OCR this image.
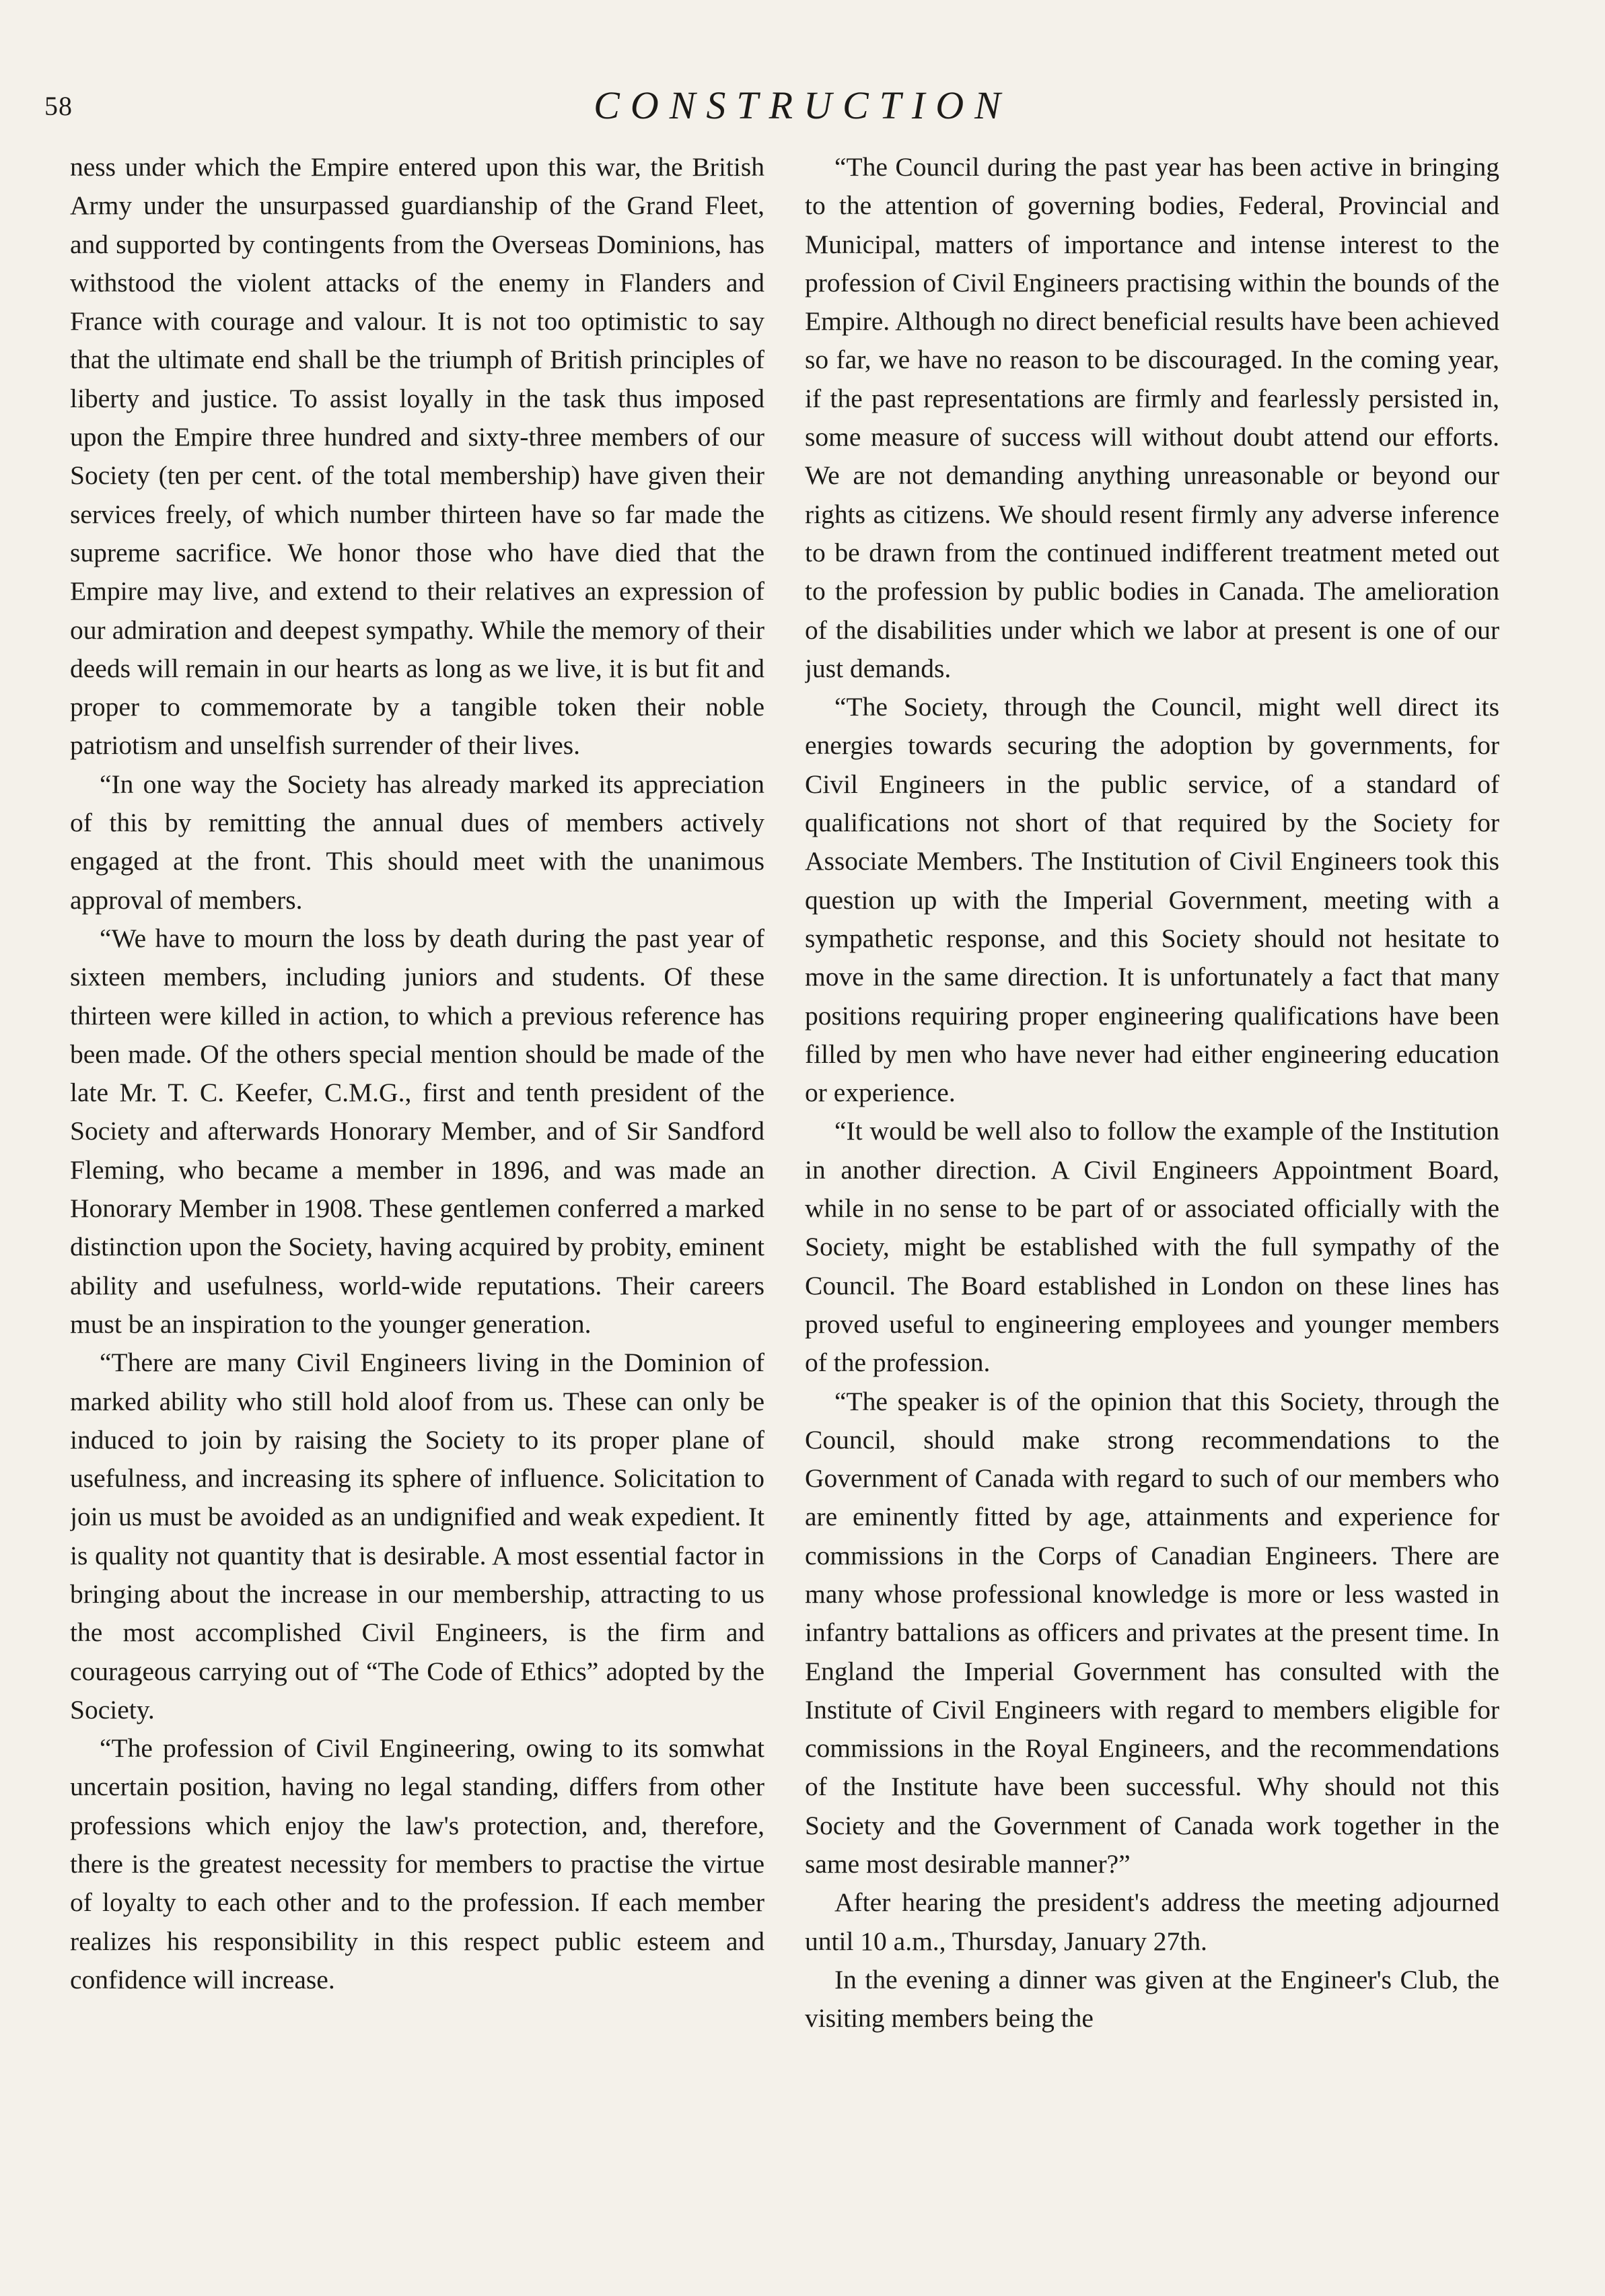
58	CONSTRUCTION

ness under which the Empire entered upon this war, the British Army under the unsurpassed guardianship of the Grand Fleet, and supported by contingents from the Overseas Dominions, has withstood the violent attacks of the enemy in Flanders and France with courage and valour. It is not too optimistic to say that the ultimate end shall be the triumph of British principles of liberty and justice. To assist loyally in the task thus imposed upon the Empire three hundred and sixty-three members of our Society (ten per cent. of the total membership) have given their services freely, of which number thirteen have so far made the supreme sacrifice. We honor those who have died that the Empire may live, and extend to their relatives an expression of our admiration and deepest sympathy. While the memory of their deeds will remain in our hearts as long as we live, it is but fit and proper to commemorate by a tangible token their noble patriotism and unselfish surrender of their lives.

“In one way the Society has already marked its appreciation of this by remitting the annual dues of members actively engaged at the front. This should meet with the unanimous approval of members.

“We have to mourn the loss by death during the past year of sixteen members, including juniors and students. Of these thirteen were killed in action, to which a previous reference has been made. Of the others special mention should be made of the late Mr. T. C. Keefer, C.M.G., first and tenth president of the Society and afterwards Honorary Member, and of Sir Sandford Fleming, who became a member in 1896, and was made an Honorary Member in 1908. These gentlemen conferred a marked distinction upon the Society, having acquired by probity, eminent ability and usefulness, world-wide reputations. Their careers must be an inspiration to the younger generation.

“There are many Civil Engineers living in the Dominion of marked ability who still hold aloof from us. These can only be induced to join by raising the Society to its proper plane of usefulness, and increasing its sphere of influence. Solicitation to join us must be avoided as an undignified and weak expedient. It is quality not quantity that is desirable. A most essential factor in bringing about the increase in our membership, attracting to us the most accomplished Civil Engineers, is the firm and courageous carrying out of “The Code of Ethics” adopted by the Society.

“The profession of Civil Engineering, owing to its somwhat uncertain position, having no legal standing, differs from other professions which enjoy the law's protection, and, therefore, there is the greatest necessity for members to practise the virtue of loyalty to each other and to the profession. If each member realizes his responsibility in this respect public esteem and confidence will increase.

“The Council during the past year has been active in bringing to the attention of governing bodies, Federal, Provincial and Municipal, matters of importance and intense interest to the profession of Civil Engineers practising within the bounds of the Empire. Although no direct beneficial results have been achieved so far, we have no reason to be discouraged. In the coming year, if the past representations are firmly and fearlessly persisted in, some measure of success will without doubt attend our efforts. We are not demanding anything unreasonable or beyond our rights as citizens. We should resent firmly any adverse inference to be drawn from the continued indifferent treatment meted out to the profession by public bodies in Canada. The amelioration of the disabilities under which we labor at present is one of our just demands.

“The Society, through the Council, might well direct its energies towards securing the adoption by governments, for Civil Engineers in the public service, of a standard of qualifications not short of that required by the Society for Associate Members. The Institution of Civil Engineers took this question up with the Imperial Government, meeting with a sympathetic response, and this Society should not hesitate to move in the same direction. It is unfortunately a fact that many positions requiring proper engineering qualifications have been filled by men who have never had either engineering education or experience.

“It would be well also to follow the example of the Institution in another direction. A Civil Engineers Appointment Board, while in no sense to be part of or associated officially with the Society, might be established with the full sympathy of the Council. The Board established in London on these lines has proved useful to engineering employees and younger members of the profession.

“The speaker is of the opinion that this Society, through the Council, should make strong recommendations to the Government of Canada with regard to such of our members who are eminently fitted by age, attainments and experience for commissions in the Corps of Canadian Engineers. There are many whose professional knowledge is more or less wasted in infantry battalions as officers and privates at the present time. In England the Imperial Government has consulted with the Institute of Civil Engineers with regard to members eligible for commissions in the Royal Engineers, and the recommendations of the Institute have been successful. Why should not this Society and the Government of Canada work together in the same most desirable manner?”

After hearing the president's address the meeting adjourned until 10 a.m., Thursday, January 27th.

In the evening a dinner was given at the Engineer's Club, the visiting members being the
